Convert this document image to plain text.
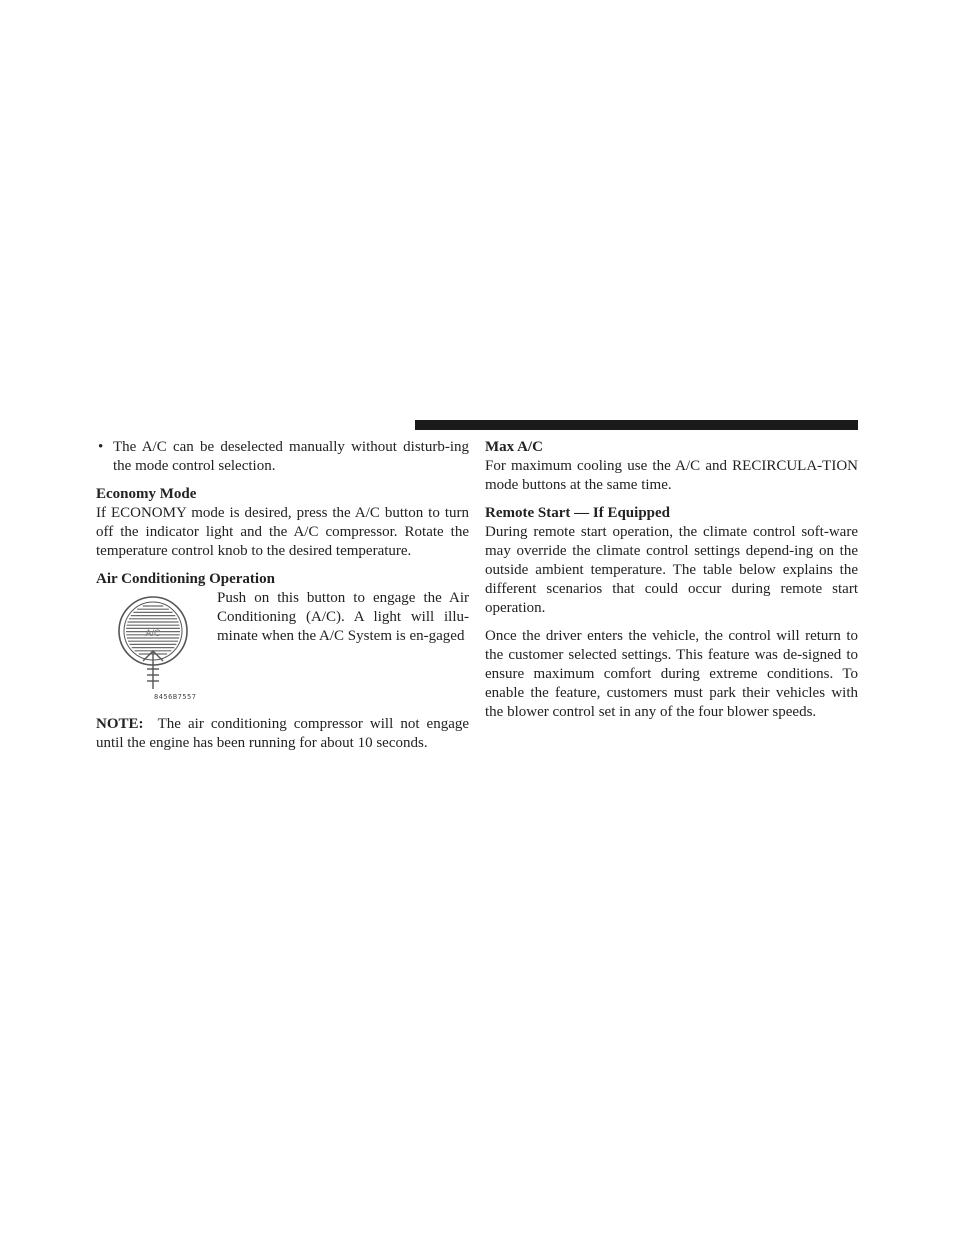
• The A/C can be deselected manually without disturb-ing the mode control selection.

Economy Mode

If ECONOMY mode is desired, press the A/C button to turn off the indicator light and the A/C compressor. Rotate the temperature control knob to the desired temperature.

Air Conditioning Operation

A/C
8456B7557

Push on this button to engage the Air Conditioning (A/C). A light will illu-minate when the A/C System is en-gaged

NOTE: The air conditioning compressor will not engage until the engine has been running for about 10 seconds.

Max A/C

For maximum cooling use the A/C and RECIRCULA-TION mode buttons at the same time.

Remote Start — If Equipped

During remote start operation, the climate control soft-ware may override the climate control settings depend-ing on the outside ambient temperature. The table below explains the different scenarios that could occur during remote start operation.

Once the driver enters the vehicle, the control will return to the customer selected settings. This feature was de-signed to ensure maximum comfort during extreme conditions. To enable the feature, customers must park their vehicles with the blower control set in any of the four blower speeds.
